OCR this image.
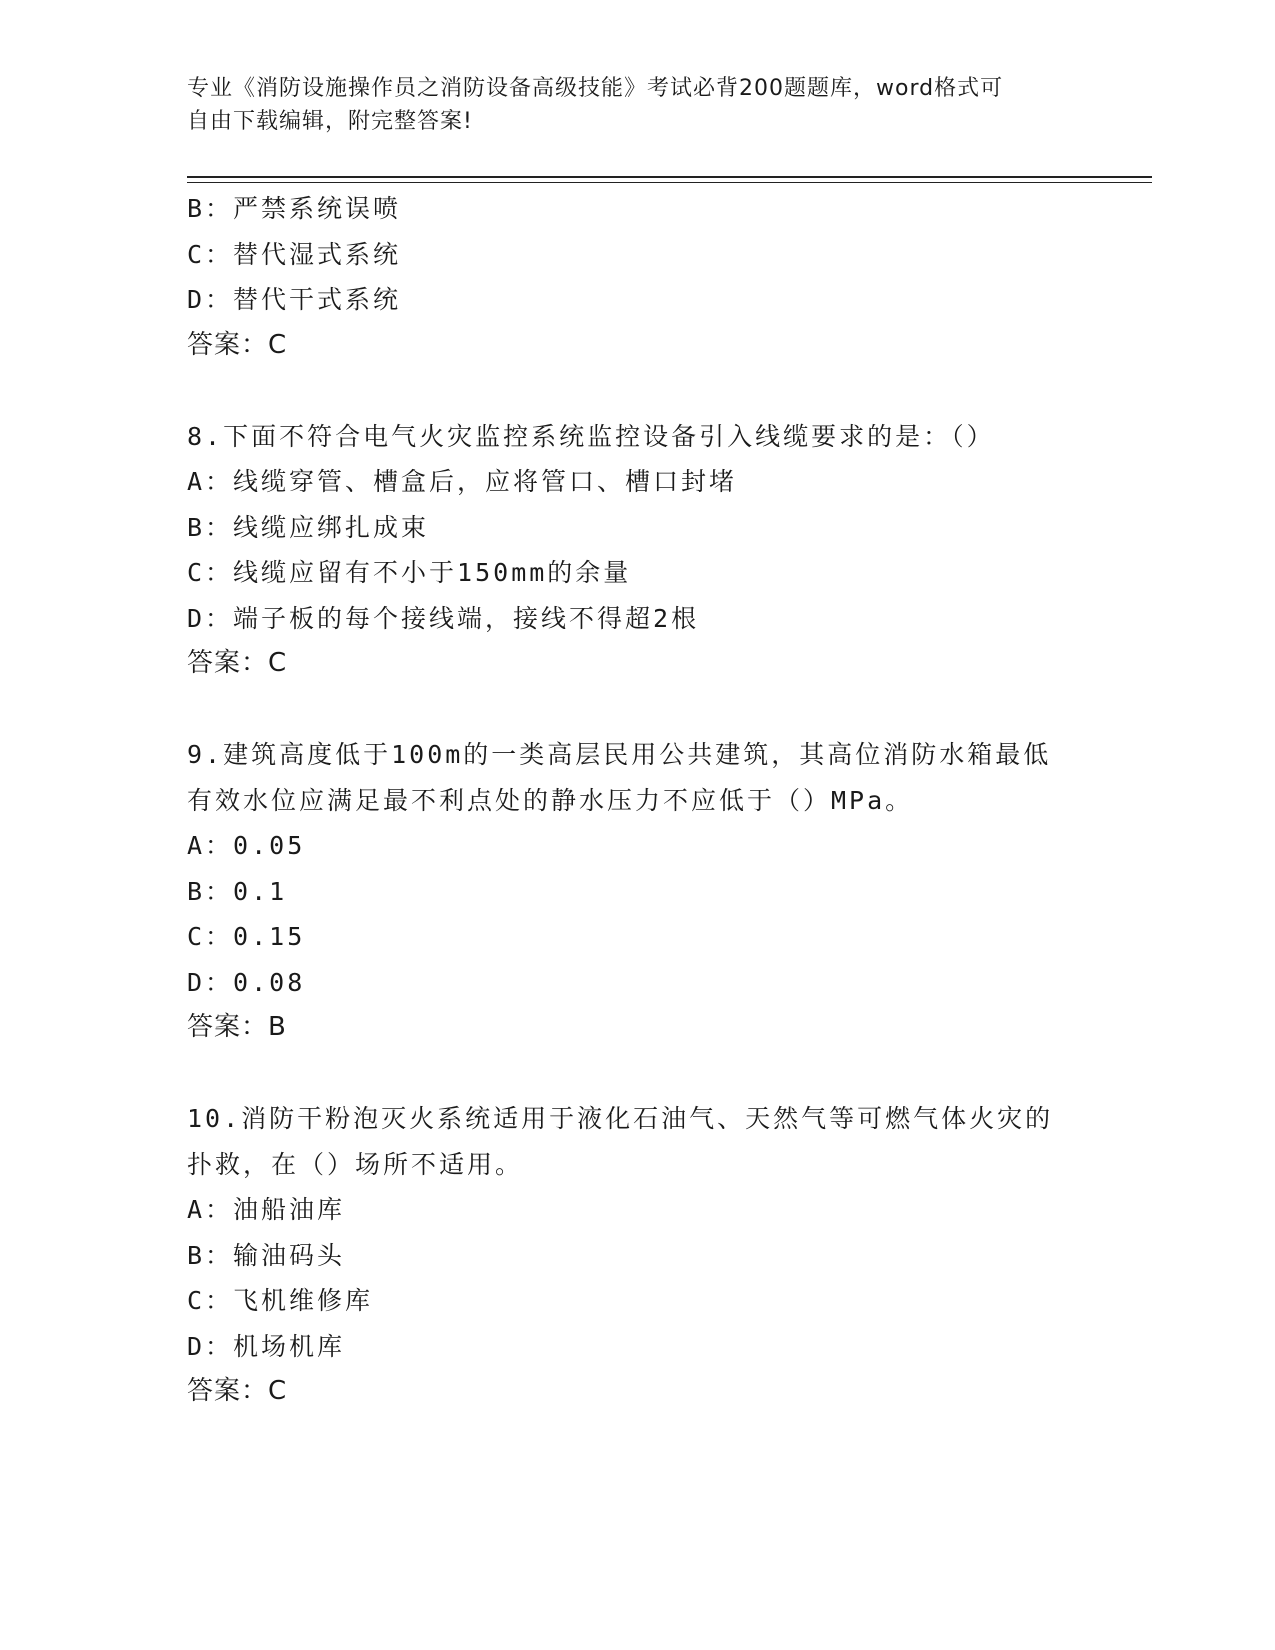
专业《消防设施操作员之消防设备高级技能》考试必背200题题库，word格式可
自由下载编辑，附完整答案!
B：严禁系统误喷
C：替代湿式系统
D：替代干式系统
答案：C
8.下面不符合电气火灾监控系统监控设备引入线缆要求的是：（）
A：线缆穿管、槽盒后，应将管口、槽口封堵
B：线缆应绑扎成束
C：线缆应留有不小于150mm的余量
D：端子板的每个接线端，接线不得超2根
答案：C
9.建筑高度低于100m的一类高层民用公共建筑，其高位消防水箱最低
有效水位应满足最不利点处的静水压力不应低于（）MPa。
A：0.05
B：0.1
C：0.15
D：0.08
答案：B
10.消防干粉泡灭火系统适用于液化石油气、天然气等可燃气体火灾的
扑救，在（）场所不适用。
A：油船油库
B：输油码头
C：飞机维修库
D：机场机库
答案：C
